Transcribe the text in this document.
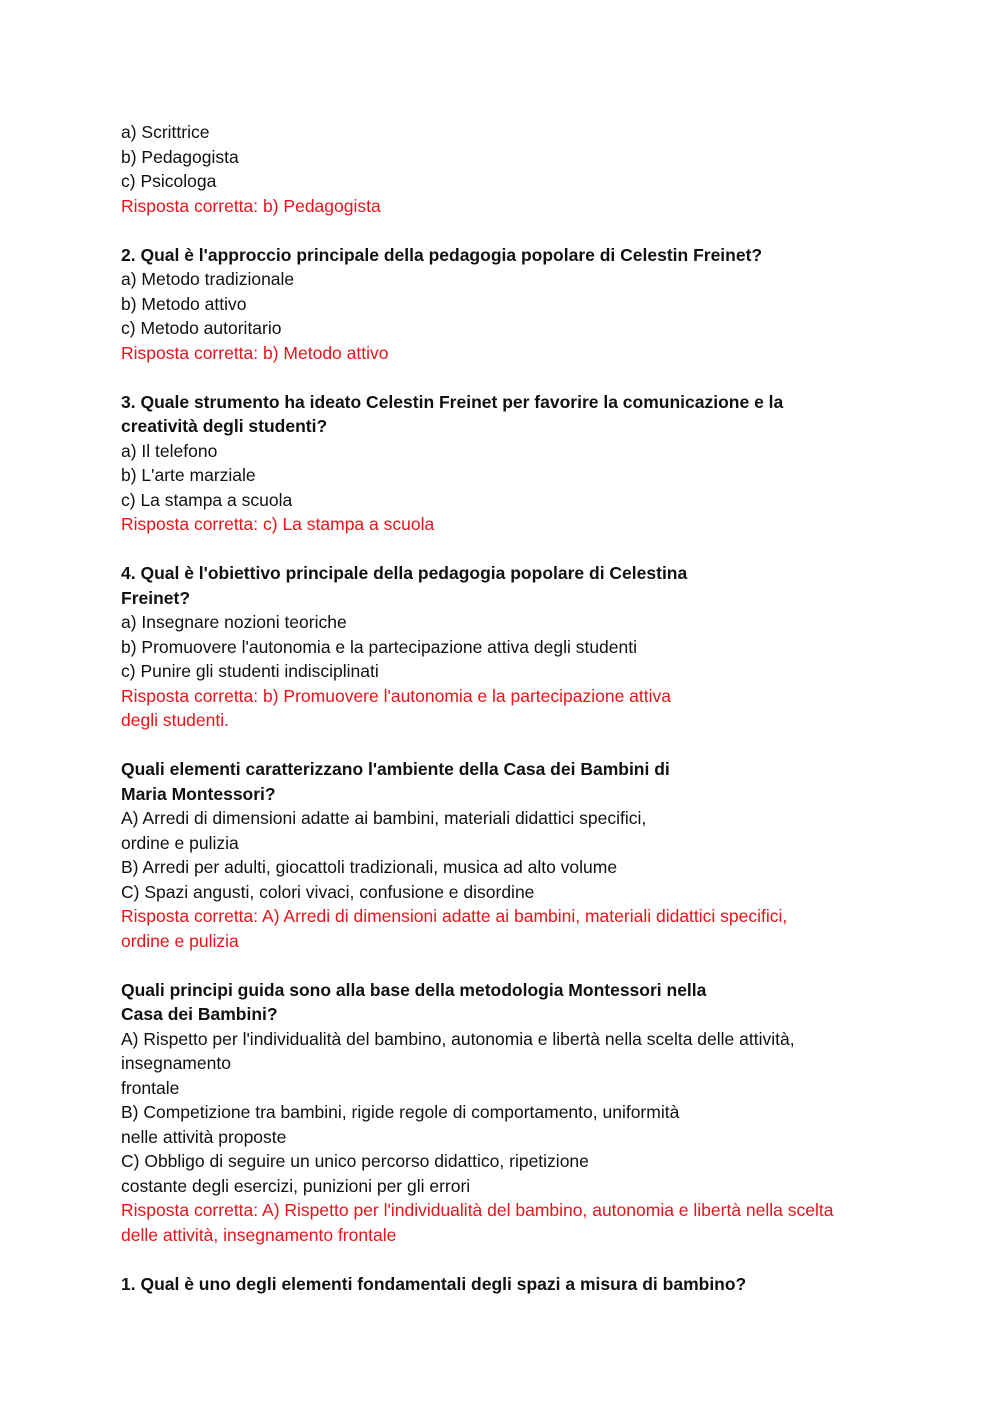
a) Scrittrice
b) Pedagogista
c) Psicologa
Risposta corretta: b) Pedagogista
2. Qual è l'approccio principale della pedagogia popolare di Celestin Freinet?
a) Metodo tradizionale
b) Metodo attivo
c) Metodo autoritario
Risposta corretta: b) Metodo attivo
3. Quale strumento ha ideato Celestin Freinet per favorire la comunicazione e la
creatività degli studenti?
a) Il telefono
b) L'arte marziale
c) La stampa a scuola
Risposta corretta: c) La stampa a scuola
4. Qual è l'obiettivo principale della pedagogia popolare di Celestina
Freinet?
a) Insegnare nozioni teoriche
b) Promuovere l'autonomia e la partecipazione attiva degli studenti
c) Punire gli studenti indisciplinati
Risposta corretta: b) Promuovere l'autonomia e la partecipazione attiva
degli studenti.
Quali elementi caratterizzano l'ambiente della Casa dei Bambini di
Maria Montessori?
A) Arredi di dimensioni adatte ai bambini, materiali didattici specifici,
ordine e pulizia
B) Arredi per adulti, giocattoli tradizionali, musica ad alto volume
C) Spazi angusti, colori vivaci, confusione e disordine
Risposta corretta: A) Arredi di dimensioni adatte ai bambini, materiali didattici specifici,
ordine e pulizia
Quali principi guida sono alla base della metodologia Montessori nella
Casa dei Bambini?
A) Rispetto per l'individualità del bambino, autonomia e libertà nella scelta delle attività,
insegnamento
frontale
B) Competizione tra bambini, rigide regole di comportamento, uniformità
nelle attività proposte
C) Obbligo di seguire un unico percorso didattico, ripetizione
costante degli esercizi, punizioni per gli errori
Risposta corretta: A) Rispetto per l'individualità del bambino, autonomia e libertà nella scelta
delle attività, insegnamento frontale
1. Qual è uno degli elementi fondamentali degli spazi a misura di bambino?
